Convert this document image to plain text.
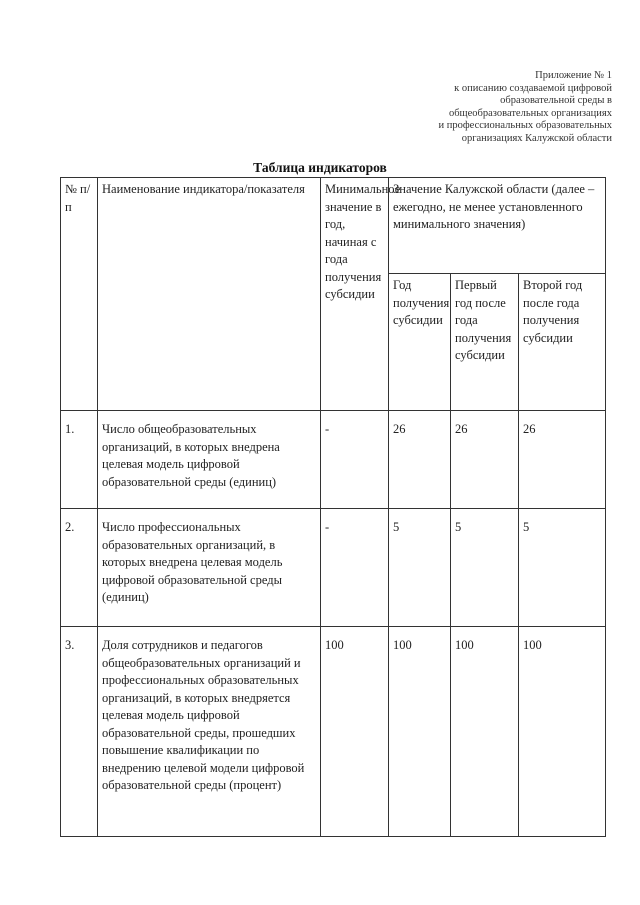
Приложение № 1
к описанию создаваемой цифровой
образовательной среды в
общеобразовательных организациях
и профессиональных образовательных
организациях Калужской области
Таблица индикаторов
№ п/п	Наименование индикатора/показателя	Минимальное значение в год, начиная с года получения субсидии	Значение Калужской области (далее – ежегодно, не менее установленного минимального значения)		
			Год получения субсидии	Первый год после года получения субсидии	Второй год после года получения субсидии
1.	Число общеобразовательных организаций, в которых внедрена целевая модель цифровой образовательной среды (единиц)	-	26	26	26
2.	Число профессиональных образовательных организаций, в которых внедрена целевая модель цифровой образовательной среды (единиц)	-	5	5	5
3.	Доля сотрудников и педагогов общеобразовательных организаций и профессиональных образовательных организаций, в которых внедряется целевая модель цифровой образовательной среды, прошедших повышение квалификации по внедрению целевой модели цифровой образовательной среды (процент)	100	100	100	100
